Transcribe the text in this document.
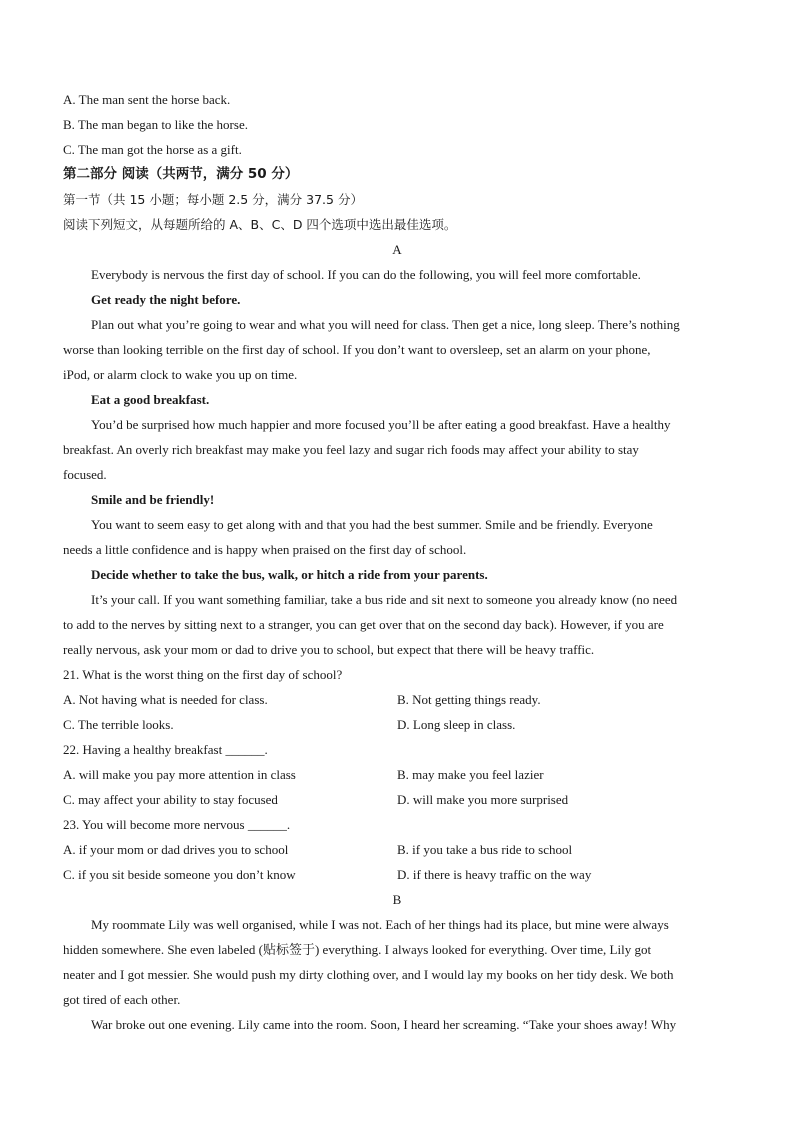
A. The man sent the horse back.
B. The man began to like the horse.
C. The man got the horse as a gift.
第二部分 阅读（共两节，满分 50 分）
第一节（共 15 小题；每小题 2.5 分，满分 37.5 分）
阅读下列短文，从每题所给的 A、B、C、D 四个选项中选出最佳选项。
A
Everybody is nervous the first day of school. If you can do the following, you will feel more comfortable.
Get ready the night before.
Plan out what you’re going to wear and what you will need for class. Then get a nice, long sleep. There’s nothing
worse than looking terrible on the first day of school. If you don’t want to oversleep, set an alarm on your phone,
iPod, or alarm clock to wake you up on time.
Eat a good breakfast.
You’d be surprised how much happier and more focused you’ll be after eating a good breakfast. Have a healthy
breakfast. An overly rich breakfast may make you feel lazy and sugar rich foods may affect your ability to stay
focused.
Smile and be friendly!
You want to seem easy to get along with and that you had the best summer. Smile and be friendly. Everyone
needs a little confidence and is happy when praised on the first day of school.
Decide whether to take the bus, walk, or hitch a ride from your parents.
It’s your call. If you want something familiar, take a bus ride and sit next to someone you already know (no need
to add to the nerves by sitting next to a stranger, you can get over that on the second day back). However, if you are
really nervous, ask your mom or dad to drive you to school, but expect that there will be heavy traffic.
21. What is the worst thing on the first day of school?
A. Not having what is needed for class.	B. Not getting things ready.
C. The terrible looks.	D. Long sleep in class.
22. Having a healthy breakfast ______.
A. will make you pay more attention in class	B. may make you feel lazier
C. may affect your ability to stay focused	D. will make you more surprised
23. You will become more nervous ______.
A. if your mom or dad drives you to school	B. if you take a bus ride to school
C. if you sit beside someone you don’t know	D. if there is heavy traffic on the way
B
My roommate Lily was well organised, while I was not. Each of her things had its place, but mine were always
hidden somewhere. She even labeled (贴标签于) everything. I always looked for everything. Over time, Lily got
neater and I got messier. She would push my dirty clothing over, and I would lay my books on her tidy desk. We both
got tired of each other.
War broke out one evening. Lily came into the room. Soon, I heard her screaming. “Take your shoes away! Why
